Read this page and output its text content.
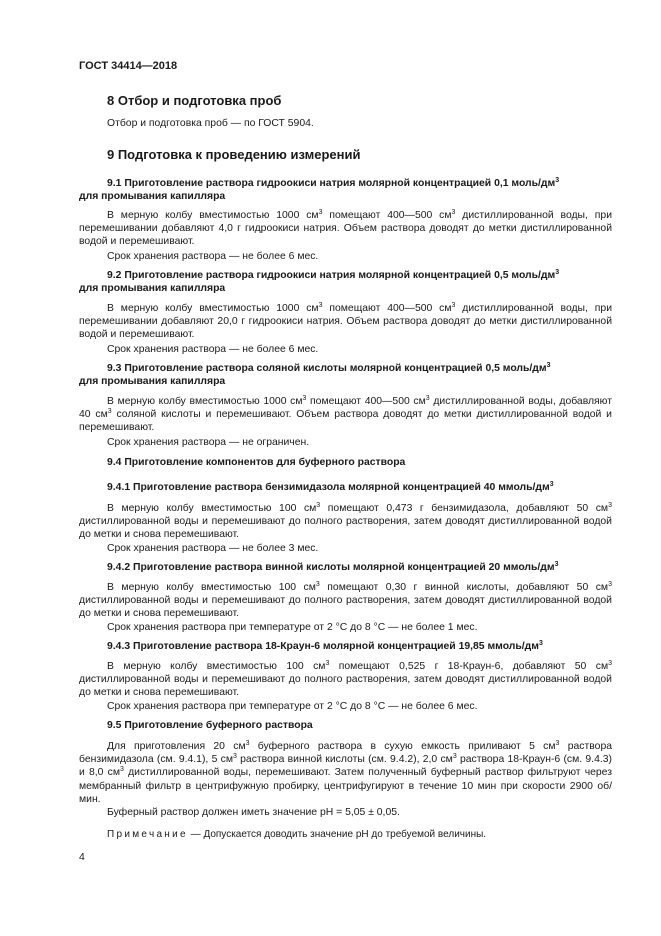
ГОСТ 34414—2018
8 Отбор и подготовка проб
Отбор и подготовка проб — по ГОСТ 5904.
9 Подготовка к проведению измерений
9.1 Приготовление раствора гидроокиси натрия молярной концентрацией 0,1 моль/$дм^3$
для промывания капилляра
В мерную колбу вместимостью 1000 $см^3$ помещают 400—500 $см^3$ дистиллированной воды, при перемешивании добавляют 4,0 г гидроокиси натрия. Объем раствора доводят до метки дистиллированной водой и перемешивают.
Срок хранения раствора — не более 6 мес.
9.2 Приготовление раствора гидроокиси натрия молярной концентрацией 0,5 моль/$дм^3$
для промывания капилляра
В мерную колбу вместимостью 1000 $см^3$ помещают 400—500 $см^3$ дистиллированной воды, при перемешивании добавляют 20,0 г гидроокиси натрия. Объем раствора доводят до метки дистиллированной водой и перемешивают.
Срок хранения раствора — не более 6 мес.
9.3 Приготовление раствора соляной кислоты молярной концентрацией 0,5 моль/$дм^3$
для промывания капилляра
В мерную колбу вместимостью 1000 $см^3$ помещают 400—500 $см^3$ дистиллированной воды, добавляют 40 $см^3$ соляной кислоты и перемешивают. Объем раствора доводят до метки дистиллированной водой и перемешивают.
Срок хранения раствора — не ограничен.
9.4 Приготовление компонентов для буферного раствора
9.4.1 Приготовление раствора бензимидазола молярной концентрацией 40 ммоль/$дм^3$
В мерную колбу вместимостью 100 $см^3$ помещают 0,473 г бензимидазола, добавляют 50 $см^3$ дистиллированной воды и перемешивают до полного растворения, затем доводят дистиллированной водой до метки и снова перемешивают.
Срок хранения раствора — не более 3 мес.
9.4.2 Приготовление раствора винной кислоты молярной концентрацией 20 ммоль/$дм^3$
В мерную колбу вместимостью 100 $см^3$ помещают 0,30 г винной кислоты, добавляют 50 $см^3$ дистиллированной воды и перемешивают до полного растворения, затем доводят дистиллированной водой до метки и снова перемешивают.
Срок хранения раствора при температуре от 2 °С до 8 °С — не более 1 мес.
9.4.3 Приготовление раствора 18-Краун-6 молярной концентрацией 19,85 ммоль/$дм^3$
В мерную колбу вместимостью 100 $см^3$ помещают 0,525 г 18-Краун-6, добавляют 50 $см^3$ дистиллированной воды и перемешивают до полного растворения, затем доводят дистиллированной водой до метки и снова перемешивают.
Срок хранения раствора при температуре от 2 °С до 8 °С — не более 6 мес.
9.5 Приготовление буферного раствора
Для приготовления 20 $см^3$ буферного раствора в сухую емкость приливают 5 $см^3$ раствора бензимидазола (см. 9.4.1), 5 $см^3$ раствора винной кислоты (см. 9.4.2), 2,0 $см^3$ раствора 18-Краун-6 (см. 9.4.3) и 8,0 $см^3$ дистиллированной воды, перемешивают. Затем полученный буферный раствор фильтруют через мембранный фильтр в центрифужную пробирку, центрифугируют в течение 10 мин при скорости 2900 об/мин.
Буферный раствор должен иметь значение рН = 5,05 ± 0,05.
Примечание — Допускается доводить значение рН до требуемой величины.
4
